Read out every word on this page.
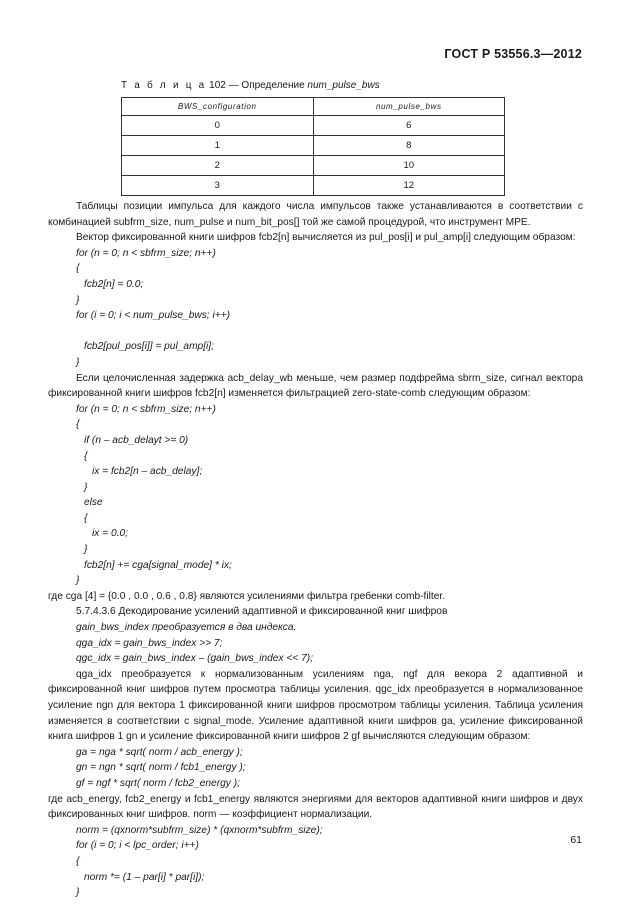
ГОСТ Р 53556.3—2012
Т а б л и ц а 102 — Определение num_pulse_bws
BWS_configuration	num_pulse_bws
0	6
1	8
2	10
3	12

Таблицы позиции импульса для каждого числа импульсов также устанавливаются в соответствии с комбинацией subfrm_size, num_pulse и num_bit_pos[] той же самой процедурой, что инструмент MPE.

Вектор фиксированной книги шифров fcb2[n] вычисляется из pul_pos[i] и pul_amp[i] следующим образом:

for (n = 0; n < sbfrm_size; n++)
{
fcb2[n] = 0.0;
}
for (i = 0; i < num_pulse_bws; i++)
fcb2[pul_pos[i]] = pul_amp[i];
}

Если целочисленная задержка acb_delay_wb меньше, чем размер подфрейма sbrm_size, сигнал вектора фиксированной книги шифров fcb2[n] изменяется фильтрацией zero-state-comb следующим образом:

for (n = 0; n < sbfrm_size; n++)
{
if (n – acb_delayt >= 0)
{
ix = fcb2[n – acb_delay];
}
else
{
ix = 0.0;
}
fcb2[n] += cga[signal_mode] * ix;
}

где cga [4] = {0.0 , 0.0 , 0.6 , 0.8} являются усилениями фильтра гребенки comb-filter.

5.7.4.3.6 Декодирование усилений адаптивной и фиксированной книг шифров

gain_bws_index преобразуется в два индекса.
qga_idx = gain_bws_index >> 7;
qgc_idx = gain_bws_index – (gain_bws_index << 7);

qga_idx преобразуется к нормализованным усилениям nga, ngf для векора 2 адаптивной и фиксированной книг шифров путем просмотра таблицы усиления. qgc_idx преобразуется в нормализованное усиление ngn для вектора 1 фиксированной книги шифров просмотром таблицы усиления. Таблица усиления изменяется в соответствии с signal_mode. Усиление адаптивной книги шифров ga, усиление фиксированной книга шифров 1 gn и усиление фиксированной книги шифров 2 gf вычисляются следующим образом:

ga = nga * sqrt( norm / acb_energy );
gn = ngn * sqrt( norm / fcb1_energy );
gf = ngf * sqrt( norm / fcb2_energy );

где acb_energy, fcb2_energy и fcb1_energy являются энергиями для векторов адаптивной книги шифров и двух фиксированных книг шифров. norm — коэффициент нормализации.

norm = (qxnorm*subfrm_size) * (qxnorm*subfrm_size);
for (i = 0; i < lpc_order; i++)
{
norm *= (1 – par[i] * par[i]);
}
61
